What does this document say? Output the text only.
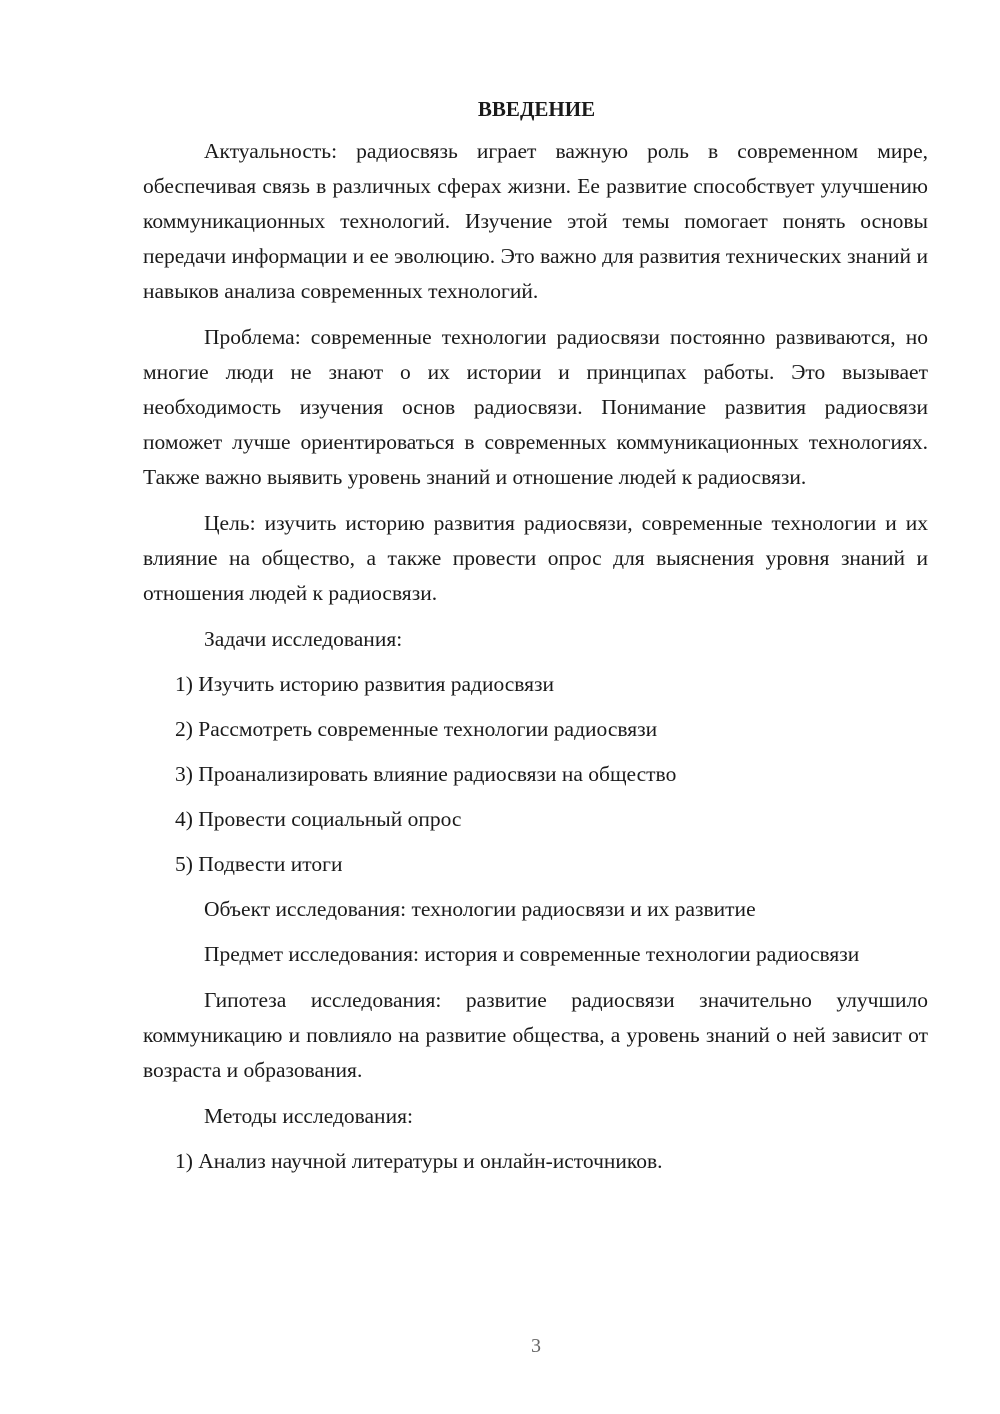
ВВЕДЕНИЕ

Актуальность: радиосвязь играет важную роль в современном мире, обеспечивая связь в различных сферах жизни. Ее развитие способствует улучшению коммуникационных технологий. Изучение этой темы помогает понять основы передачи информации и ее эволюцию. Это важно для развития технических знаний и навыков анализа современных технологий.

Проблема: современные технологии радиосвязи постоянно развиваются, но многие люди не знают о их истории и принципах работы. Это вызывает необходимость изучения основ радиосвязи. Понимание развития радиосвязи поможет лучше ориентироваться в современных коммуникационных технологиях. Также важно выявить уровень знаний и отношение людей к радиосвязи.

Цель: изучить историю развития радиосвязи, современные технологии и их влияние на общество, а также провести опрос для выяснения уровня знаний и отношения людей к радиосвязи.

Задачи исследования:

1) Изучить историю развития радиосвязи

2) Рассмотреть современные технологии радиосвязи

3) Проанализировать влияние радиосвязи на общество

4) Провести социальный опрос

5) Подвести итоги

Объект исследования: технологии радиосвязи и их развитие

Предмет исследования: история и современные технологии радиосвязи

Гипотеза исследования: развитие радиосвязи значительно улучшило коммуникацию и повлияло на развитие общества, а уровень знаний о ней зависит от возраста и образования.

Методы исследования:

1) Анализ научной литературы и онлайн-источников.

3
